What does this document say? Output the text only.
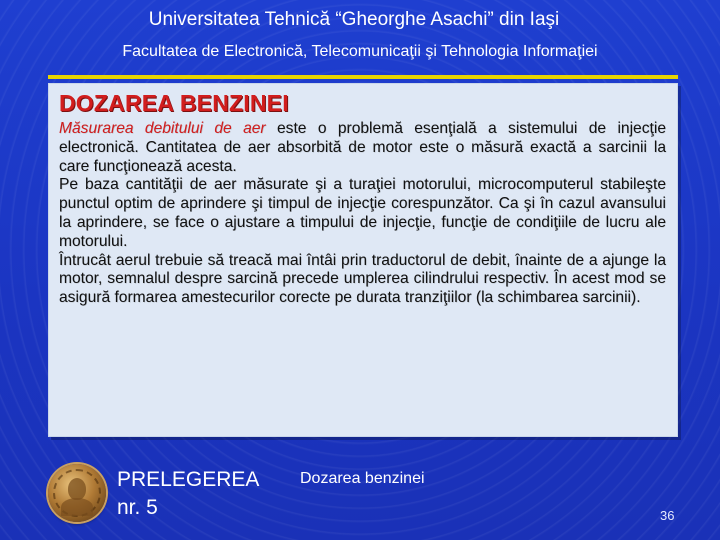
Universitatea Tehnică “Gheorghe Asachi” din Iaşi
Facultatea de Electronică, Telecomunicaţii şi Tehnologia Informaţiei
DOZAREA BENZINEI

Măsurarea debitului de aer este o problemă esenţială a sistemului de injecţie electronică. Cantitatea de aer absorbită de motor este o măsură exactă a sarcinii la care funcţionează acesta.

Pe baza cantităţii de aer măsurate şi a turaţiei motorului, microcomputerul stabileşte punctul optim de aprindere şi timpul de injecţie corespunzător. Ca şi în cazul avansului la aprindere, se face o ajustare a timpului de injecţie, funcţie de condiţiile de lucru ale motorului.

Întrucât aerul trebuie să treacă mai întâi prin traductorul de debit, înainte de a ajunge la motor, semnalul despre sarcină precede umplerea cilindrului respectiv. În acest mod se asigură formarea amestecurilor corecte pe durata tranziţiilor (la schimbarea sarcinii).

PRELEGEREA
nr. 5
Dozarea benzinei
36
